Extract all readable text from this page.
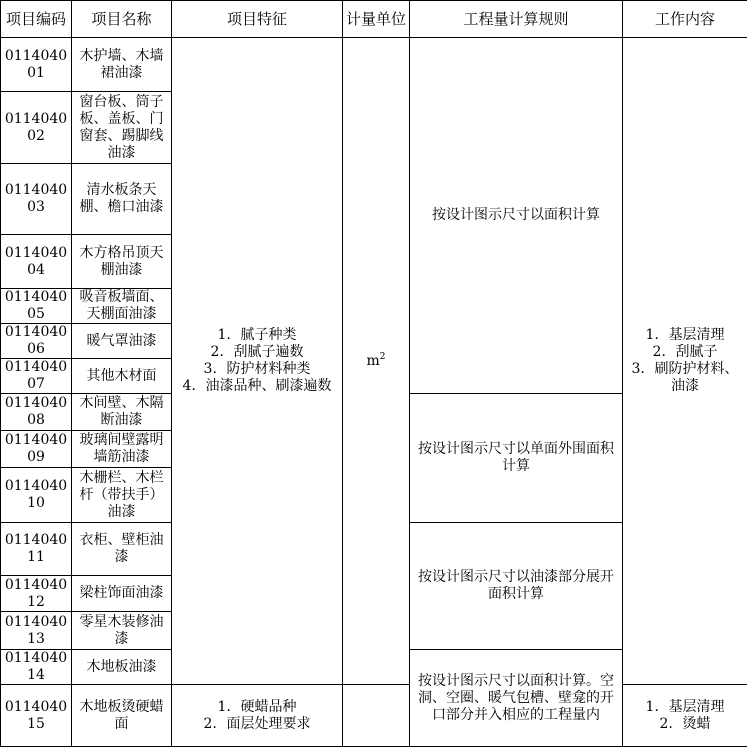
项目编码	项目名称	项目特征	计量单位	工程量计算规则	工作内容
011404001	木护墙、木墙裙油漆	1．腻子种类
2．刮腻子遍数
3．防护材料种类
4．油漆品种、刷漆遍数	$m^2$	按设计图示尺寸以面积计算	1．基层清理
2．刮腻子
3．刷防护材料、油漆
011404002	窗台板、筒子板、盖板、门窗套、踢脚线油漆				
011404003	清水板条天棚、檐口油漆				
011404004	木方格吊顶天棚油漆				
011404005	吸音板墙面、天棚面油漆				
011404006	暖气罩油漆				
011404007	其他木材面				
011404008	木间壁、木隔断油漆			按设计图示尺寸以单面外围面积计算	
011404009	玻璃间壁露明墙筋油漆				
011404010	木栅栏、木栏杆（带扶手）油漆				
011404011	衣柜、壁柜油漆			按设计图示尺寸以油漆部分展开面积计算	
011404012	梁柱饰面油漆				
011404013	零星木装修油漆				
011404014	木地板油漆			按设计图示尺寸以面积计算。空洞、空圈、暖气包槽、壁龛的开口部分并入相应的工程量内	
011404015	木地板烫硬蜡面	1．硬蜡品种
2．面层处理要求			1．基层清理
2．烫蜡
